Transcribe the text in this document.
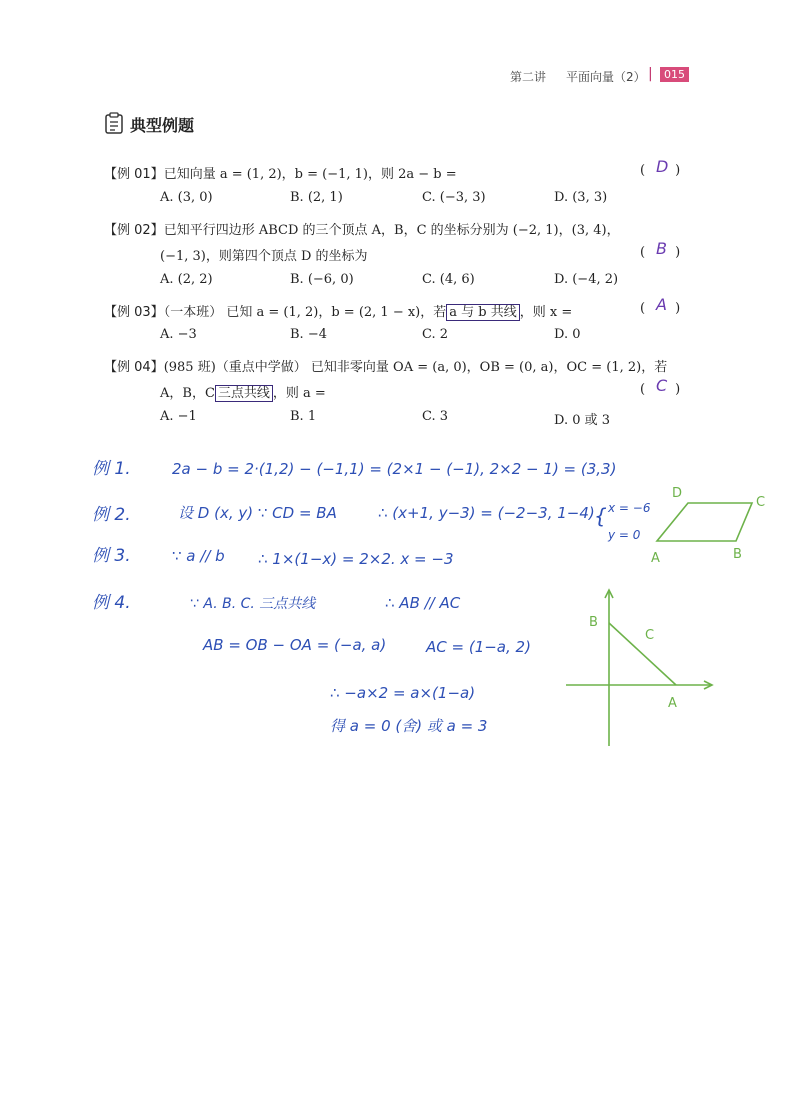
第二讲 平面向量（2） |	015
典型例题
【例 01】已知向量 a = (1, 2)，b = (−1, 1)，则 2a − b =	( )
D
A. (3, 0)	B. (2, 1)	C. (−3, 3)	D. (3, 3)
【例 02】已知平行四边形 ABCD 的三个顶点 A，B，C 的坐标分别为 (−2, 1)，(3, 4)，
(−1, 3)，则第四个顶点 D 的坐标为	( )
B
A. (2, 2)	B. (−6, 0)	C. (4, 6)	D. (−4, 2)
【例 03】（一本班） 已知 a = (1, 2)，b = (2, 1 − x)，若 a 与 b 共线 ，则 x =	( )
A
A. −3	B. −4	C. 2	D. 0
【例 04】(985 班)（重点中学做） 已知非零向量 OA = (a, 0)，OB = (0, a)，OC = (1, 2)，若
A，B，C 三点共线 ，则 a =	( )
C
A. −1	B. 1	C. 3	D. 0 或 3
例 1.	2a − b = 2·(1,2) − (−1,1) = (2×1 − (−1), 2×2 − 1) = (3,3)
例 2.	设 D (x, y) ∵ CD = BA	∴ (x+1, y−3) = (−2−3, 1−4) { x = −6
y = 0
D
C
A	B
例 3.	∵ a // b ∴ 1×(1−x) = 2×2. x = −3
例 4.	∵ A. B. C. 三点共线	∴ AB // AC
AB = OB − OA = (−a, a)	AC = (1−a, 2)
∴ −a×2 = a×(1−a)
得 a = 0 (舍) 或 a = 3
B
C
A
